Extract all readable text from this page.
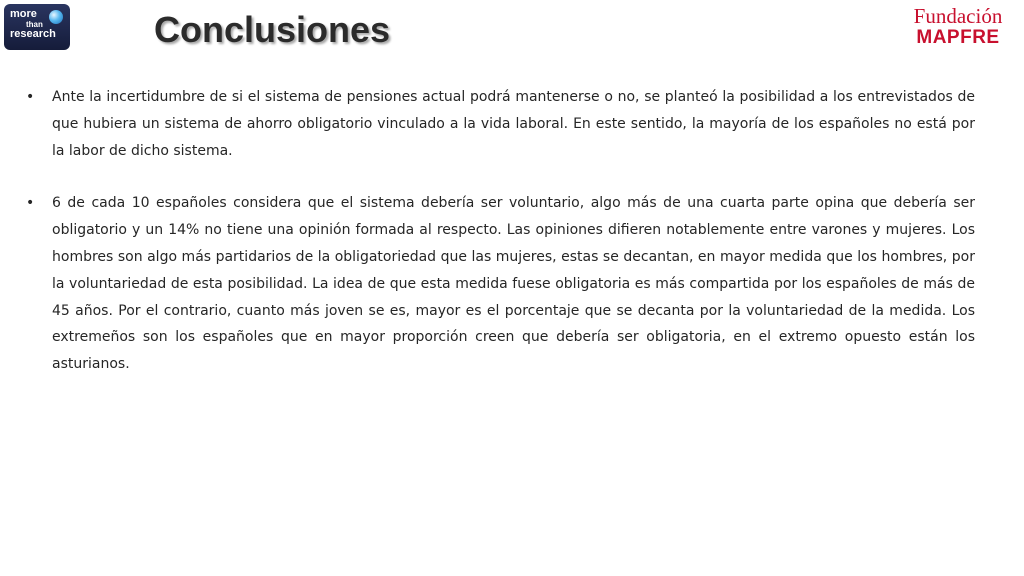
more
than
research	Conclusiones	Fundación
MAPFRE
•	Ante la incertidumbre de si el sistema de pensiones actual podrá mantenerse o no, se planteó la posibilidad a los entrevistados de que hubiera un sistema de ahorro obligatorio vinculado a la vida laboral. En este sentido, la mayoría de los españoles no está por la labor de dicho sistema.
•	6 de cada 10 españoles considera que el sistema debería ser voluntario, algo más de una cuarta parte opina que debería ser obligatorio y un 14% no tiene una opinión formada al respecto. Las opiniones difieren notablemente entre varones y mujeres. Los hombres son algo más partidarios de la obligatoriedad que las mujeres, estas se decantan, en mayor medida que los hombres, por la voluntariedad de esta posibilidad. La idea de que esta medida fuese obligatoria es más compartida por los españoles de más de 45 años. Por el contrario, cuanto más joven se es, mayor es el porcentaje que se decanta por la voluntariedad de la medida. Los extremeños son los españoles que en mayor proporción creen que debería ser obligatoria, en el extremo opuesto están los asturianos.
